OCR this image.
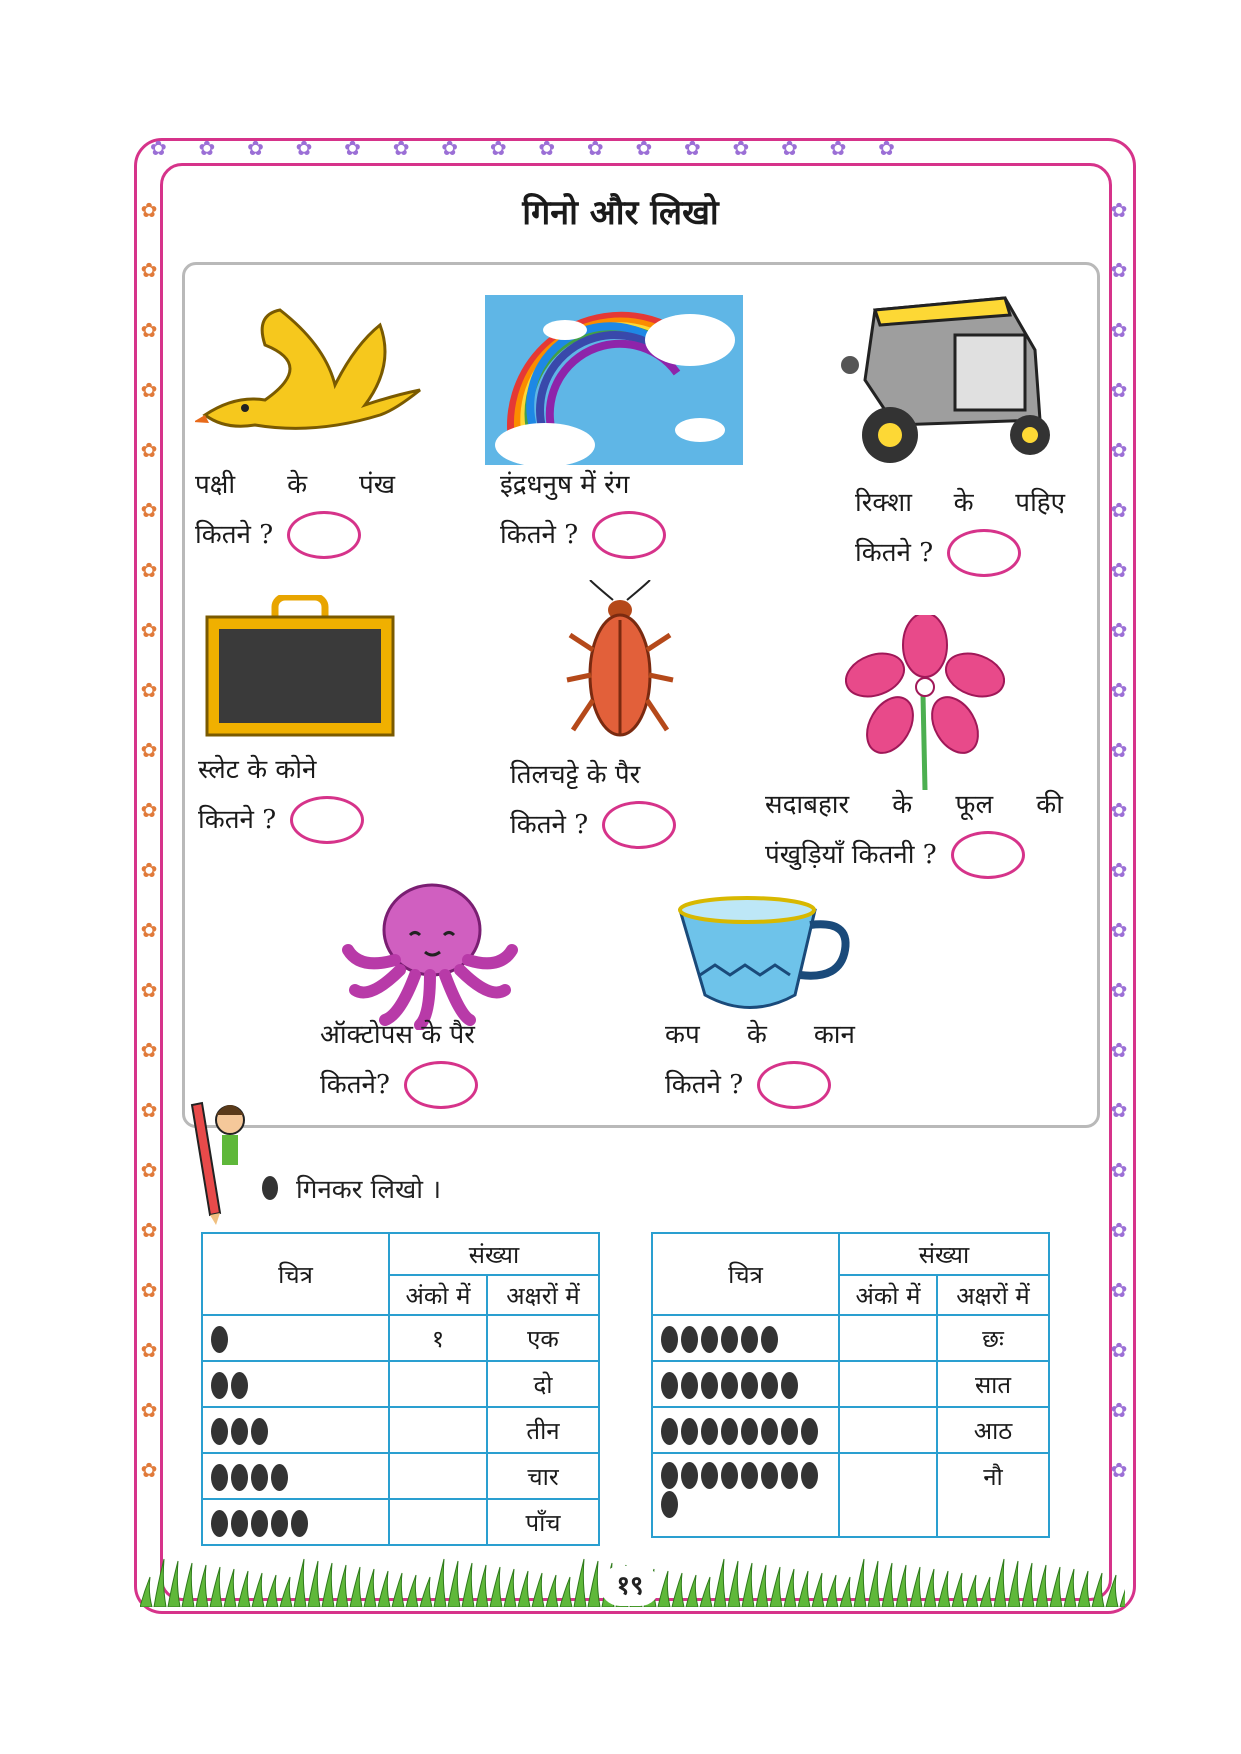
✿     ✿     ✿     ✿     ✿     ✿     ✿     ✿     ✿     ✿     ✿     ✿     ✿     ✿     ✿     ✿
✿
✿
✿
✿
✿
✿
✿
✿
✿
✿
✿
✿
✿
✿
✿
✿
✿
✿
✿
✿
✿
✿
✿
✿
✿
✿
✿
✿
✿
✿
✿
✿
✿
✿
✿
✿
✿
✿
✿
✿
✿
✿
✿
✿
गिनो और लिखो
पक्षी के पंख
कितने ?
इंद्रधनुष में रंग
कितने ?
रिक्शा के पहिए
कितने ?
स्लेट के कोने
कितने ?
तिलचट्टे के पैर
कितने ?
सदाबहार के फूल की
पंखुड़ियाँ कितनी ?
ऑक्टोपस के पैर
कितने?
कप के कान
कितने ?
गिनकर लिखो ।
चित्र	संख्या	
	अंको में	अक्षरों में
	१	एक
		दो
		तीन
		चार
		पाँच
चित्र	संख्या	
	अंको में	अक्षरों में
		छः
		सात
		आठ

		नौ
१९
